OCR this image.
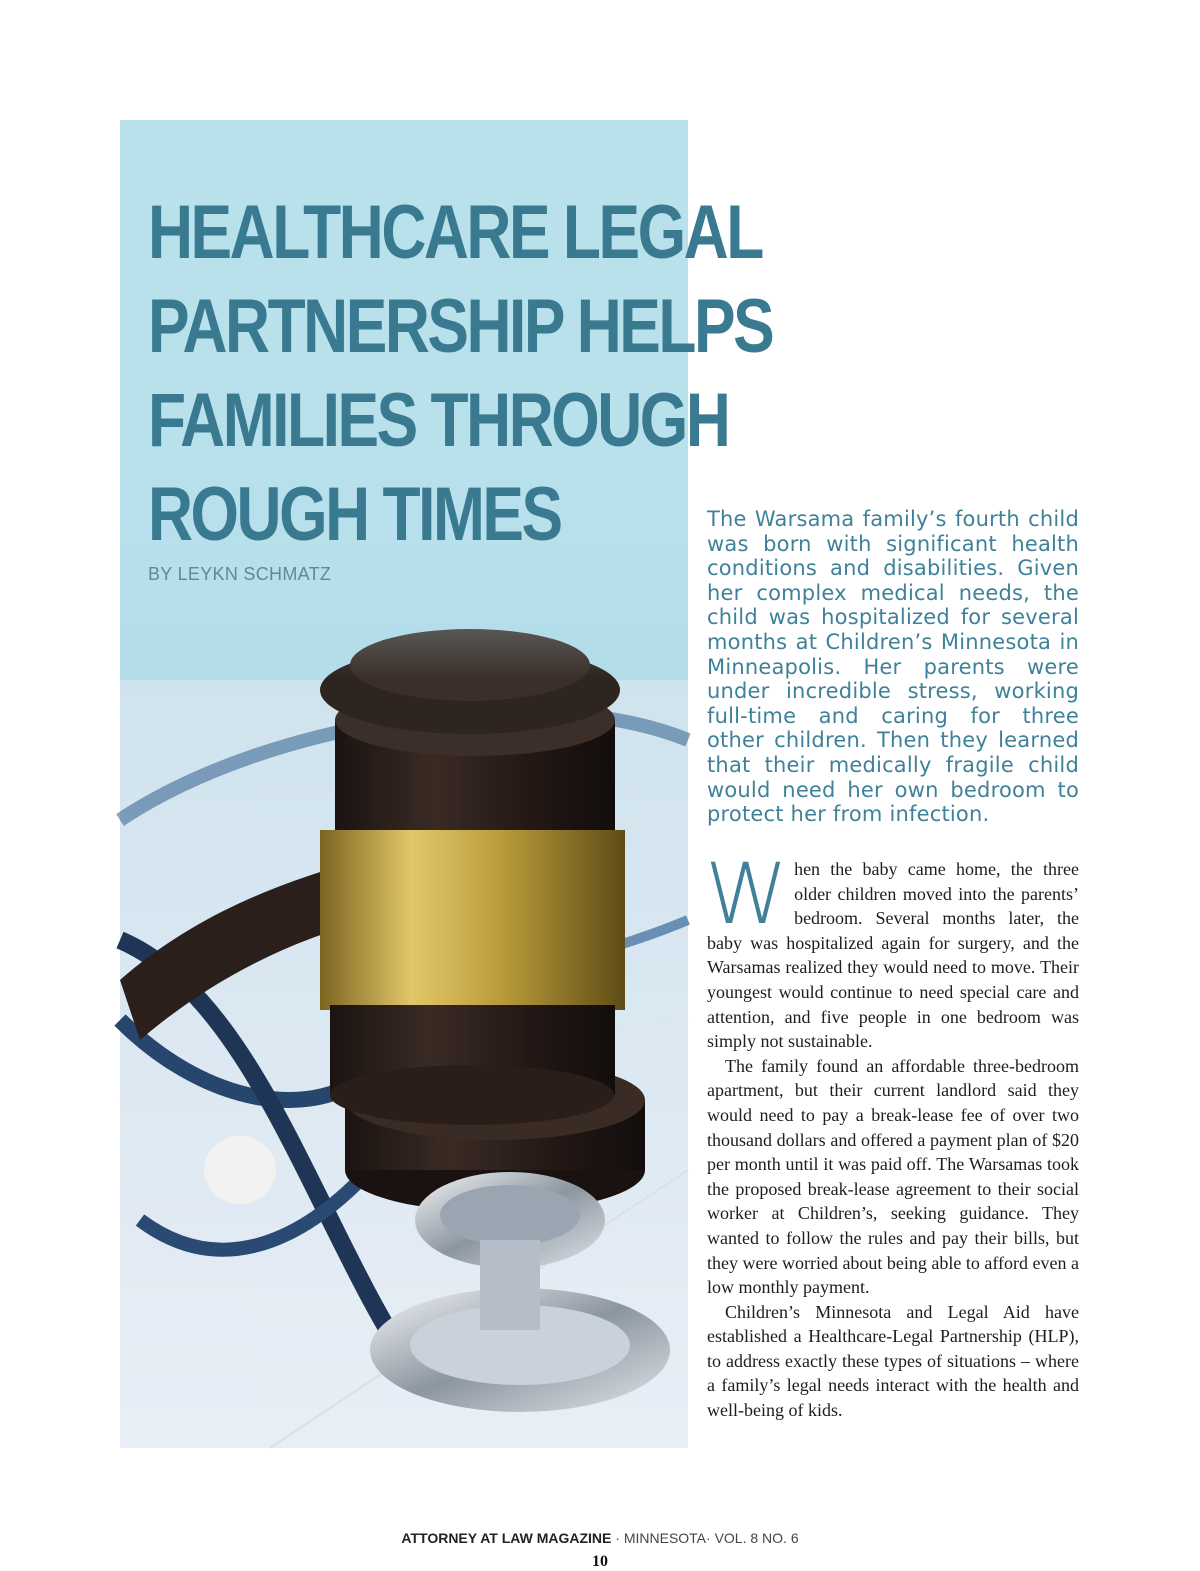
HEALTHCARE LEGAL
PARTNERSHIP HELPS
FAMILIES THROUGH
ROUGH TIMES
BY LEYKN SCHMATZ

The Warsama family’s fourth child was born with significant health conditions and disabilities. Given her complex medical needs, the child was hospitalized for several months at Children’s Minnesota in Minneapolis. Her parents were under incredible stress, working full-time and caring for three other children. Then they learned that their medically fragile child would need her own bedroom to protect her from infection.

When the baby came home, the three older children moved into the parents’ bedroom. Several months later, the baby was hospitalized again for surgery, and the Warsamas realized they would need to move. Their youngest would continue to need special care and attention, and five people in one bedroom was simply not sustainable.

The family found an affordable three-bedroom apartment, but their current landlord said they would need to pay a break-lease fee of over two thousand dollars and offered a payment plan of $20 per month until it was paid off. The Warsamas took the proposed break-lease agreement to their social worker at Children’s, seeking guidance. They wanted to follow the rules and pay their bills, but they were worried about being able to afford even a low monthly payment.

Children’s Minnesota and Legal Aid have established a Healthcare-Legal Partnership (HLP), to address exactly these types of situations – where a family’s legal needs interact with the health and well-being of kids.

ATTORNEY AT LAW MAGAZINE · MINNESOTA· VOL. 8 NO. 6
10
